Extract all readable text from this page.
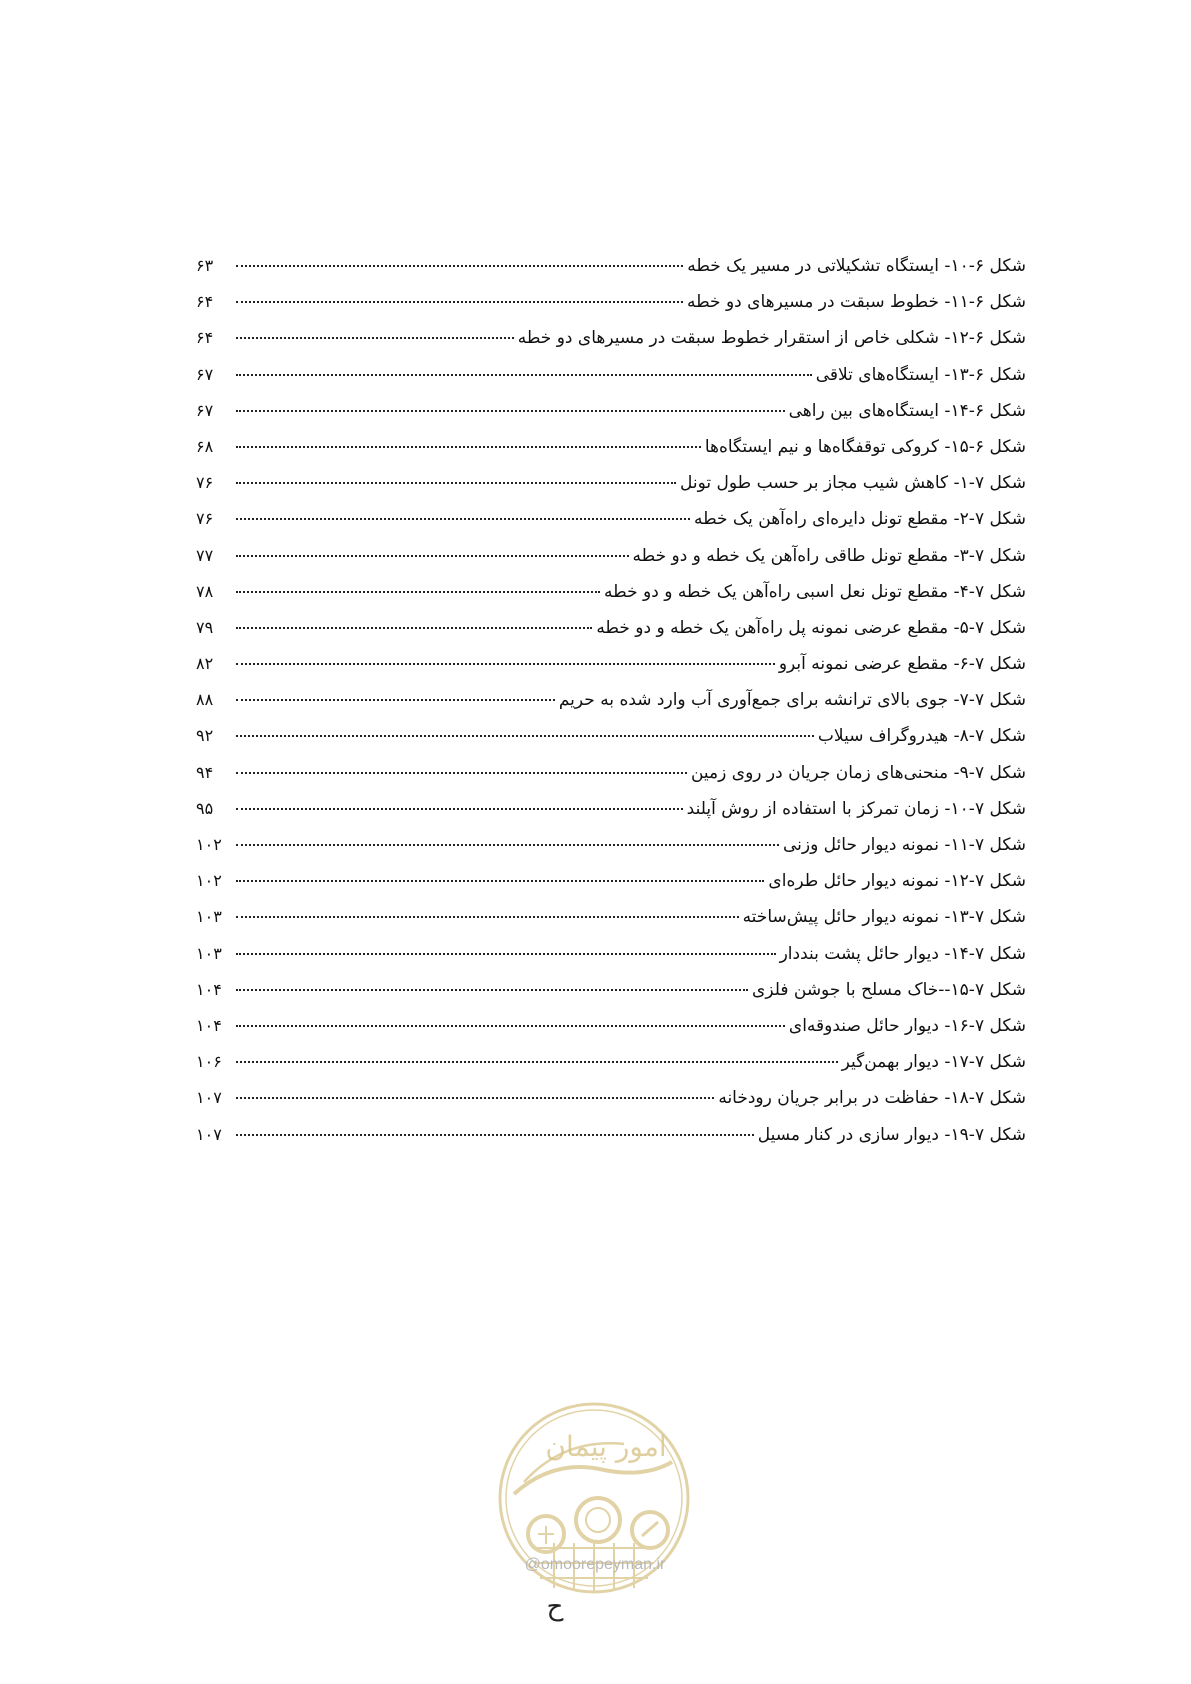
شکل ۶-۱۰- ایستگاه تشکیلاتی در مسیر یک خطه
۶۳
شکل ۶-۱۱- خطوط سبقت در مسیرهای دو خطه
۶۴
شکل ۶-۱۲- شکلی خاص از استقرار خطوط سبقت در مسیرهای دو خطه
۶۴
شکل ۶-۱۳- ایستگاه‌های تلاقی
۶۷
شکل ۶-۱۴- ایستگاه‌های بین راهی
۶۷
شکل ۶-۱۵- کروکی توقفگاه‌ها و نیم ایستگاه‌ها
۶۸
شکل ۷-۱- کاهش شیب مجاز بر حسب طول تونل
۷۶
شکل ۷-۲- مقطع تونل دایره‌ای راه‌آهن یک خطه
۷۶
شکل ۷-۳- مقطع تونل طاقی راه‌آهن یک خطه و دو خطه
۷۷
شکل ۷-۴- مقطع تونل نعل اسبی راه‌آهن یک خطه و دو خطه
۷۸
شکل ۷-۵- مقطع عرضی نمونه پل راه‌آهن یک خطه و دو خطه
۷۹
شکل ۷-۶- مقطع عرضی نمونه آبرو
۸۲
شکل ۷-۷- جوی بالای ترانشه برای جمع‌آوری آب وارد شده به حریم
۸۸
شکل ۷-۸- هیدروگراف سیلاب
۹۲
شکل ۷-۹- منحنی‌های زمان جریان در روی زمین
۹۴
شکل ۷-۱۰- زمان تمرکز با استفاده از روش آپلند
۹۵
شکل ۷-۱۱- نمونه دیوار حائل وزنی
۱۰۲
شکل ۷-۱۲- نمونه دیوار حائل طره‌ای
۱۰۲
شکل ۷-۱۳- نمونه دیوار حائل پیش‌ساخته
۱۰۳
شکل ۷-۱۴- دیوار حائل پشت بنددار
۱۰۳
شکل ۷-۱۵--خاک مسلح با جوشن فلزی
۱۰۴
شکل ۷-۱۶- دیوار حائل صندوقه‌ای
۱۰۴
شکل ۷-۱۷- دیوار بهمن‌گیر
۱۰۶
شکل ۷-۱۸- حفاظت در برابر جریان رودخانه
۱۰۷
شکل ۷-۱۹- دیوار سازی در کنار مسیل
۱۰۷
امور پیمان
@omoorepeyman.ir
ح
